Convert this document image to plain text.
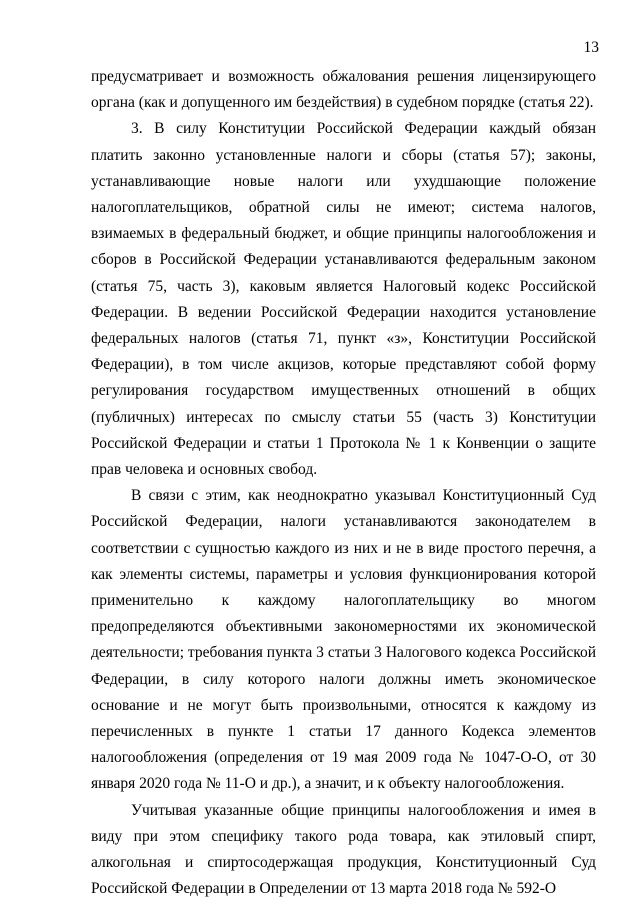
13

предусматривает и возможность обжалования решения лицензирующего органа (как и допущенного им бездействия) в судебном порядке (статья 22).

3. В силу Конституции Российской Федерации каждый обязан платить законно установленные налоги и сборы (статья 57); законы, устанавливающие новые налоги или ухудшающие положение налогоплательщиков, обратной силы не имеют; система налогов, взимаемых в федеральный бюджет, и общие принципы налогообложения и сборов в Российской Федерации устанавливаются федеральным законом (статья 75, часть 3), каковым является Налоговый кодекс Российской Федерации. В ведении Российской Федерации находится установление федеральных налогов (статья 71, пункт «з», Конституции Российской Федерации), в том числе акцизов, которые представляют собой форму регулирования государством имущественных отношений в общих (публичных) интересах по смыслу статьи 55 (часть 3) Конституции Российской Федерации и статьи 1 Протокола № 1 к Конвенции о защите прав человека и основных свобод.

В связи с этим, как неоднократно указывал Конституционный Суд Российской Федерации, налоги устанавливаются законодателем в соответствии с сущностью каждого из них и не в виде простого перечня, а как элементы системы, параметры и условия функционирования которой применительно к каждому налогоплательщику во многом предопределяются объективными закономерностями их экономической деятельности; требования пункта 3 статьи 3 Налогового кодекса Российской Федерации, в силу которого налоги должны иметь экономическое основание и не могут быть произвольными, относятся к каждому из перечисленных в пункте 1 статьи 17 данного Кодекса элементов налогообложения (определения от 19 мая 2009 года № 1047-О-О, от 30 января 2020 года № 11-О и др.), а значит, и к объекту налогообложения.

Учитывая указанные общие принципы налогообложения и имея в виду при этом специфику такого рода товара, как этиловый спирт, алкогольная и спиртосодержащая продукция, Конституционный Суд Российской Федерации в Определении от 13 марта 2018 года № 592-О
